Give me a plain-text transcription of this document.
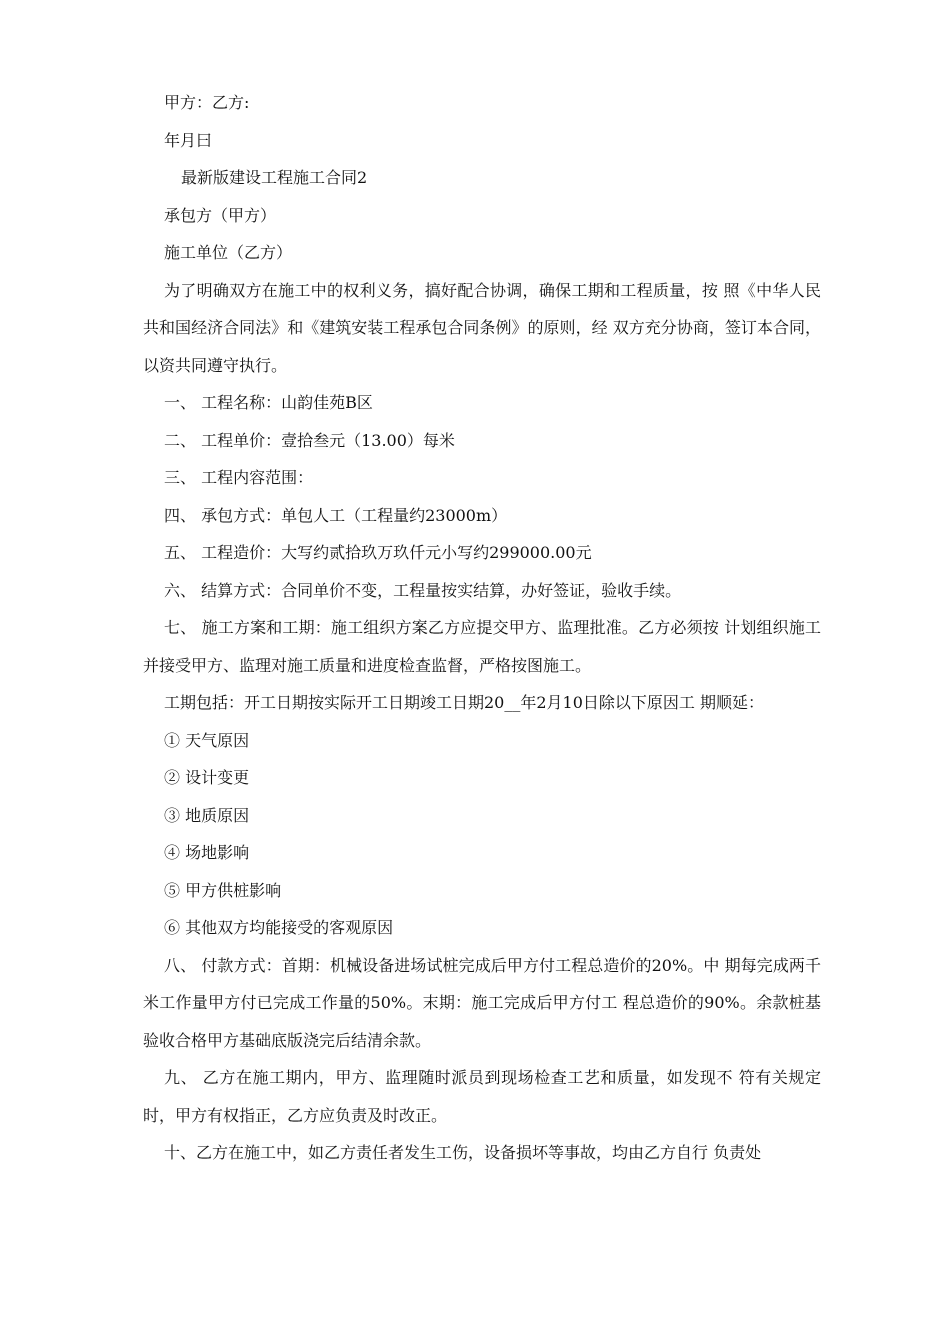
甲方：乙方:

年月曰

最新版建设工程施工合同2

承包方（甲方）

施工单位（乙方）

为了明确双方在施工中的权利义务，搞好配合协调，确保工期和工程质量，按 照《中华人民共和国经济合同法》和《建筑安装工程承包合同条例》的原则，经 双方充分协商，签订本合同，以资共同遵守执行。

一、 工程名称：山韵佳苑B区

二、 工程单价：壹拾叁元（13.00）每米

三、 工程内容范围：

四、 承包方式：单包人工（工程量约23000m）

五、 工程造价：大写约贰拾玖万玖仟元小写约299000.00元

六、 结算方式：合同单价不变，工程量按实结算，办好签证，验收手续。

七、 施工方案和工期：施工组织方案乙方应提交甲方、监理批准。乙方必须按 计划组织施工并接受甲方、监理对施工质量和进度检查监督，严格按图施工。

工期包括：开工日期按实际开工日期竣工日期20__年2月10日除以下原因工 期顺延：

① 天气原因

② 设计变更

③ 地质原因

④ 场地影响

⑤ 甲方供桩影响

⑥ 其他双方均能接受的客观原因

八、 付款方式：首期：机械设备进场试桩完成后甲方付工程总造价的20%。中 期每完成两千米工作量甲方付已完成工作量的50%。末期：施工完成后甲方付工 程总造价的90%。余款桩基验收合格甲方基础底版浇完后结清余款。

九、 乙方在施工期内，甲方、监理随时派员到现场检查工艺和质量，如发现不 符有关规定时，甲方有权指正，乙方应负责及时改正。

十、乙方在施工中，如乙方责任者发生工伤，设备损坏等事故，均由乙方自行 负责处
